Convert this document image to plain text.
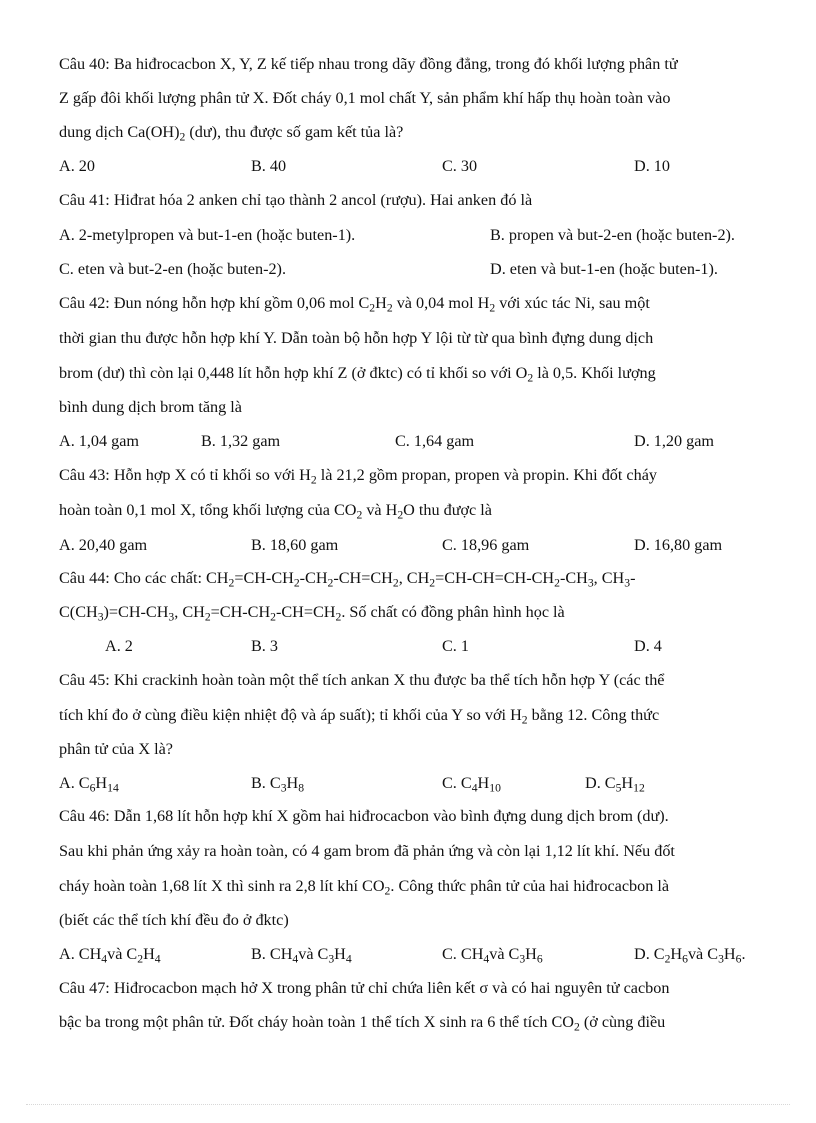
Câu 40: Ba hiđrocacbon X, Y, Z kế tiếp nhau trong dãy đồng đẳng, trong đó khối lượng phân tử
Z gấp đôi khối lượng phân tử X. Đốt cháy 0,1 mol chất Y, sản phẩm khí hấp thụ hoàn toàn vào
dung dịch $Ca(OH)_2$ (dư), thu được số gam kết tủa là?
A. 20	B. 40	C. 30	D. 10
Câu 41: Hiđrat hóa 2 anken chỉ tạo thành 2 ancol (rượu). Hai anken đó là
A. 2-metylpropen và but-1-en (hoặc buten-1).	B. propen và but-2-en (hoặc buten-2).
C. eten và but-2-en (hoặc buten-2).	D. eten và but-1-en (hoặc buten-1).
Câu 42: Đun nóng hỗn hợp khí gồm 0,06 mol $C_2H_2$ và 0,04 mol $H_2$ với xúc tác Ni, sau một
thời gian thu được hỗn hợp khí Y. Dẫn toàn bộ hỗn hợp Y lội từ từ qua bình đựng dung dịch
brom (dư) thì còn lại 0,448 lít hỗn hợp khí Z (ở đktc) có tỉ khối so với $O_2$ là 0,5. Khối lượng
bình dung dịch brom tăng là
A. 1,04 gam	B. 1,32 gam	C. 1,64 gam	D. 1,20 gam
Câu 43: Hỗn hợp X có tỉ khối so với $H_2$ là 21,2 gồm propan, propen và propin. Khi đốt cháy
hoàn toàn 0,1 mol X, tổng khối lượng của $CO_2$ và $H_2O$ thu được là
A. 20,40 gam	B. 18,60 gam	C. 18,96 gam	D. 16,80 gam
Câu 44: Cho các chất: $CH_2=CH-CH_2-CH_2-CH=CH_2$, $CH_2=CH-CH=CH-CH_2-CH_3$, $CH_3-$
$C(CH_3)=CH-CH_3$, $CH_2=CH-CH_2-CH=CH_2$. Số chất có đồng phân hình học là
A. 2	B. 3	C. 1	D. 4
Câu 45: Khi crackinh hoàn toàn một thể tích ankan X thu được ba thể tích hỗn hợp Y (các thể
tích khí đo ở cùng điều kiện nhiệt độ và áp suất); tỉ khối của Y so với $H_2$ bằng 12. Công thức
phân tử của X là?
A. $C_6H_{14}$	B. $C_3H_8$	C. $C_4H_{10}$	D. $C_5H_{12}$
Câu 46: Dẫn 1,68 lít hỗn hợp khí X gồm hai hiđrocacbon vào bình đựng dung dịch brom (dư).
Sau khi phản ứng xảy ra hoàn toàn, có 4 gam brom đã phản ứng và còn lại 1,12 lít khí. Nếu đốt
cháy hoàn toàn 1,68 lít X thì sinh ra 2,8 lít khí $CO_2$. Công thức phân tử của hai hiđrocacbon là
(biết các thể tích khí đều đo ở đktc)
A. $CH_4và$ $C_2H_4$	B. $CH_4và$ $C_3H_4$	C. $CH_4và$ $C_3H_6$	D. $C_2H_6và$ $C_3H_6$.
Câu 47: Hiđrocacbon mạch hở X trong phân tử chỉ chứa liên kết σ và có hai nguyên tử cacbon
bậc ba trong một phân tử. Đốt cháy hoàn toàn 1 thể tích X sinh ra 6 thể tích $CO_2$ (ở cùng điều
